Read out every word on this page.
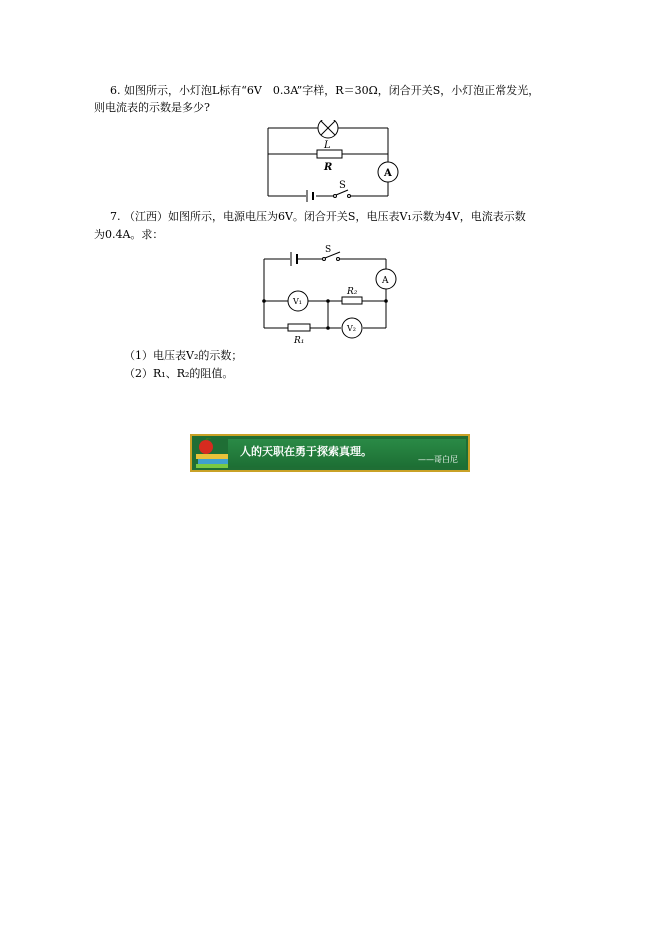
6. 如图所示，小灯泡L标有“6V　0.3A”字样，R＝30Ω，闭合开关S，小灯泡正常发光，
则电流表的示数是多少?
L
R
A
S
7. （江西）如图所示，电源电压为6V。闭合开关S，电压表V₁示数为4V，电流表示数
为0.4A。求：
S
A
V₁
R₂
V₂
R₁
（1）电压表V₂的示数；
（2）R₁、R₂的阻值。
人的天职在勇于探索真理。
——哥白尼
